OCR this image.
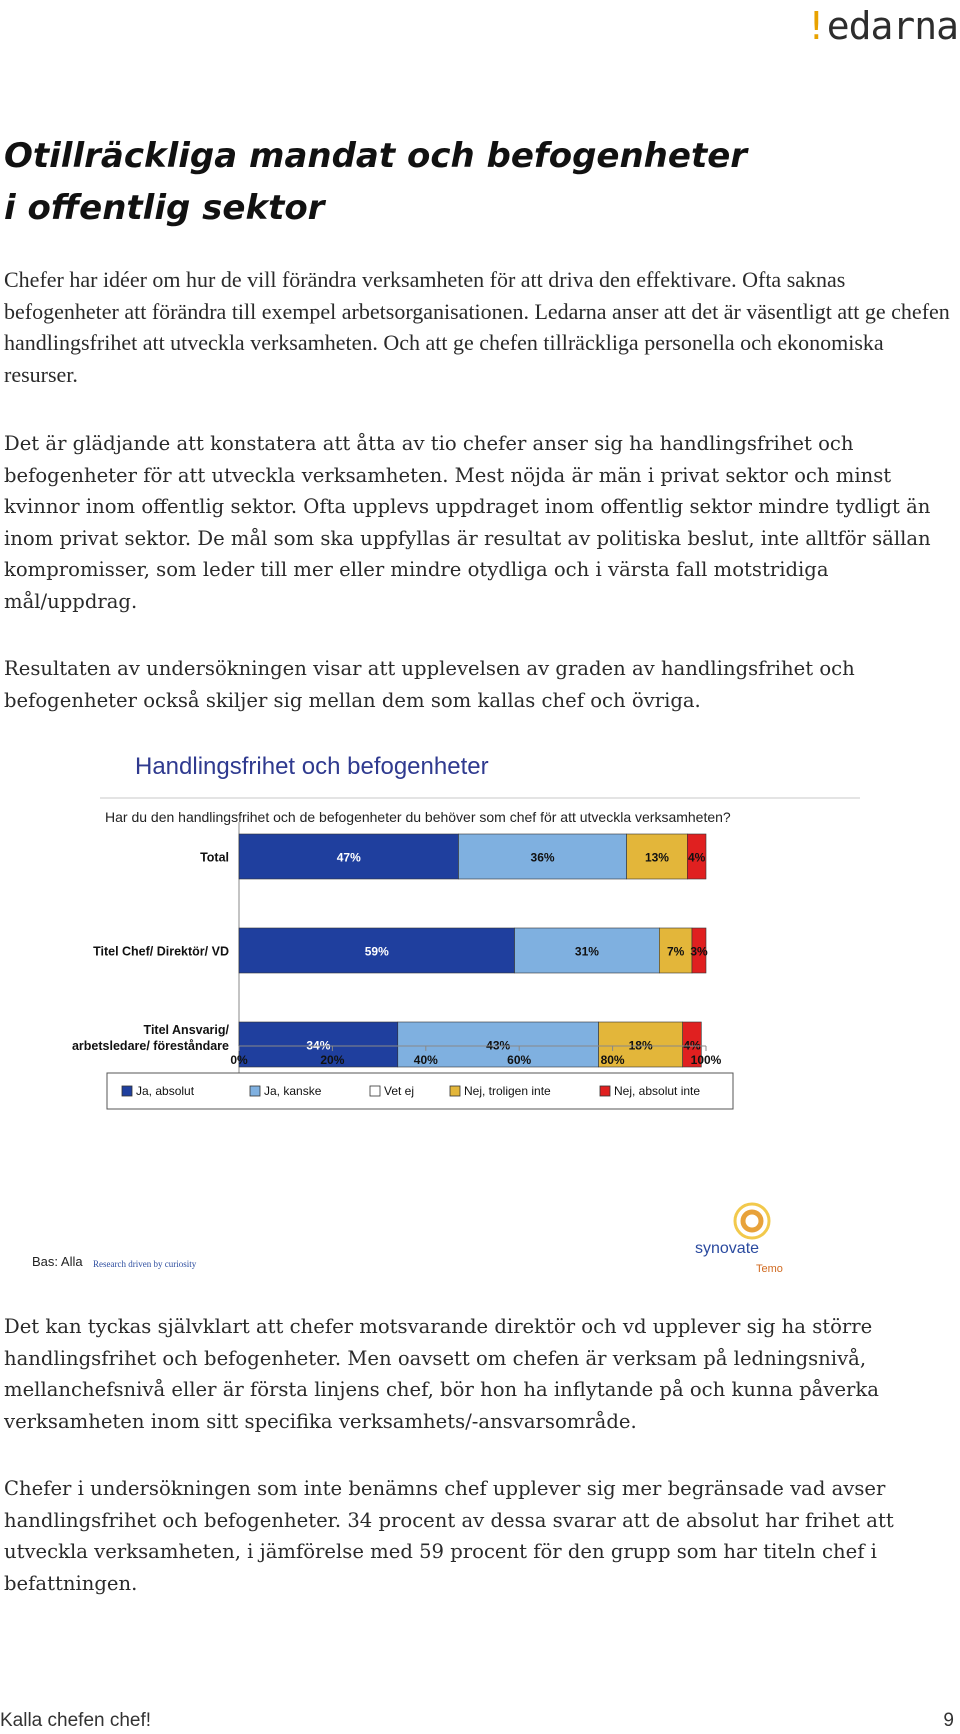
!edarna
Otillräckliga mandat och befogenheter
i offentlig sektor

Chefer har idéer om hur de vill förändra verksamheten för att driva den effektivare. Ofta saknas befogenheter att förändra till exempel arbetsorganisationen. Ledarna anser att det är väsentligt att ge chefen handlingsfrihet att utveckla verksamheten. Och att ge chefen tillräckliga personella och ekonomiska resurser.

Det är glädjande att konstatera att åtta av tio chefer anser sig ha handlingsfrihet och befogenheter för att utveckla verksamheten. Mest nöjda är män i privat sektor och minst kvinnor inom offentlig sektor. Ofta upplevs uppdraget inom offentlig sektor mindre tydligt än inom privat sektor. De mål som ska uppfyllas är resultat av politiska beslut, inte alltför sällan kompromisser, som leder till mer eller mindre otydliga och i värsta fall motstridiga mål/uppdrag.

Resultaten av undersökningen visar att upplevelsen av graden av handlingsfrihet och befogenheter också skiljer sig mellan dem som kallas chef och övriga.

Handlingsfrihet och befogenheter
Har du den handlingsfrihet och de befogenheter du behöver som chef för att utveckla verksamheten?
Total	47%	36%	13% 4%
Titel Chef/ Direktör/ VD	59%	31%	7% 3%
Titel Ansvarig/ arbetsledare/ föreståndare	34%	43%	18%	4%
0%	20%	40%	60%	80%	100%
Ja, absolut	Ja, kanske	Vet ej	Nej, troligen inte	Nej, absolut inte
Bas: Alla Research driven by curiosity
synovate
Temo

Det kan tyckas självklart att chefer motsvarande direktör och vd upplever sig ha större handlingsfrihet och befogenheter. Men oavsett om chefen är verksam på ledningsnivå, mellanchefsnivå eller är första linjens chef, bör hon ha inflytande på och kunna påverka verksamheten inom sitt specifika verksamhets/-ansvarsområde.

Chefer i undersökningen som inte benämns chef upplever sig mer begränsade vad avser handlingsfrihet och befogenheter. 34 procent av dessa svarar att de absolut har frihet att utveckla verksamheten, i jämförelse med 59 procent för den grupp som har titeln chef i befattningen.

Kalla chefen chef!	9
